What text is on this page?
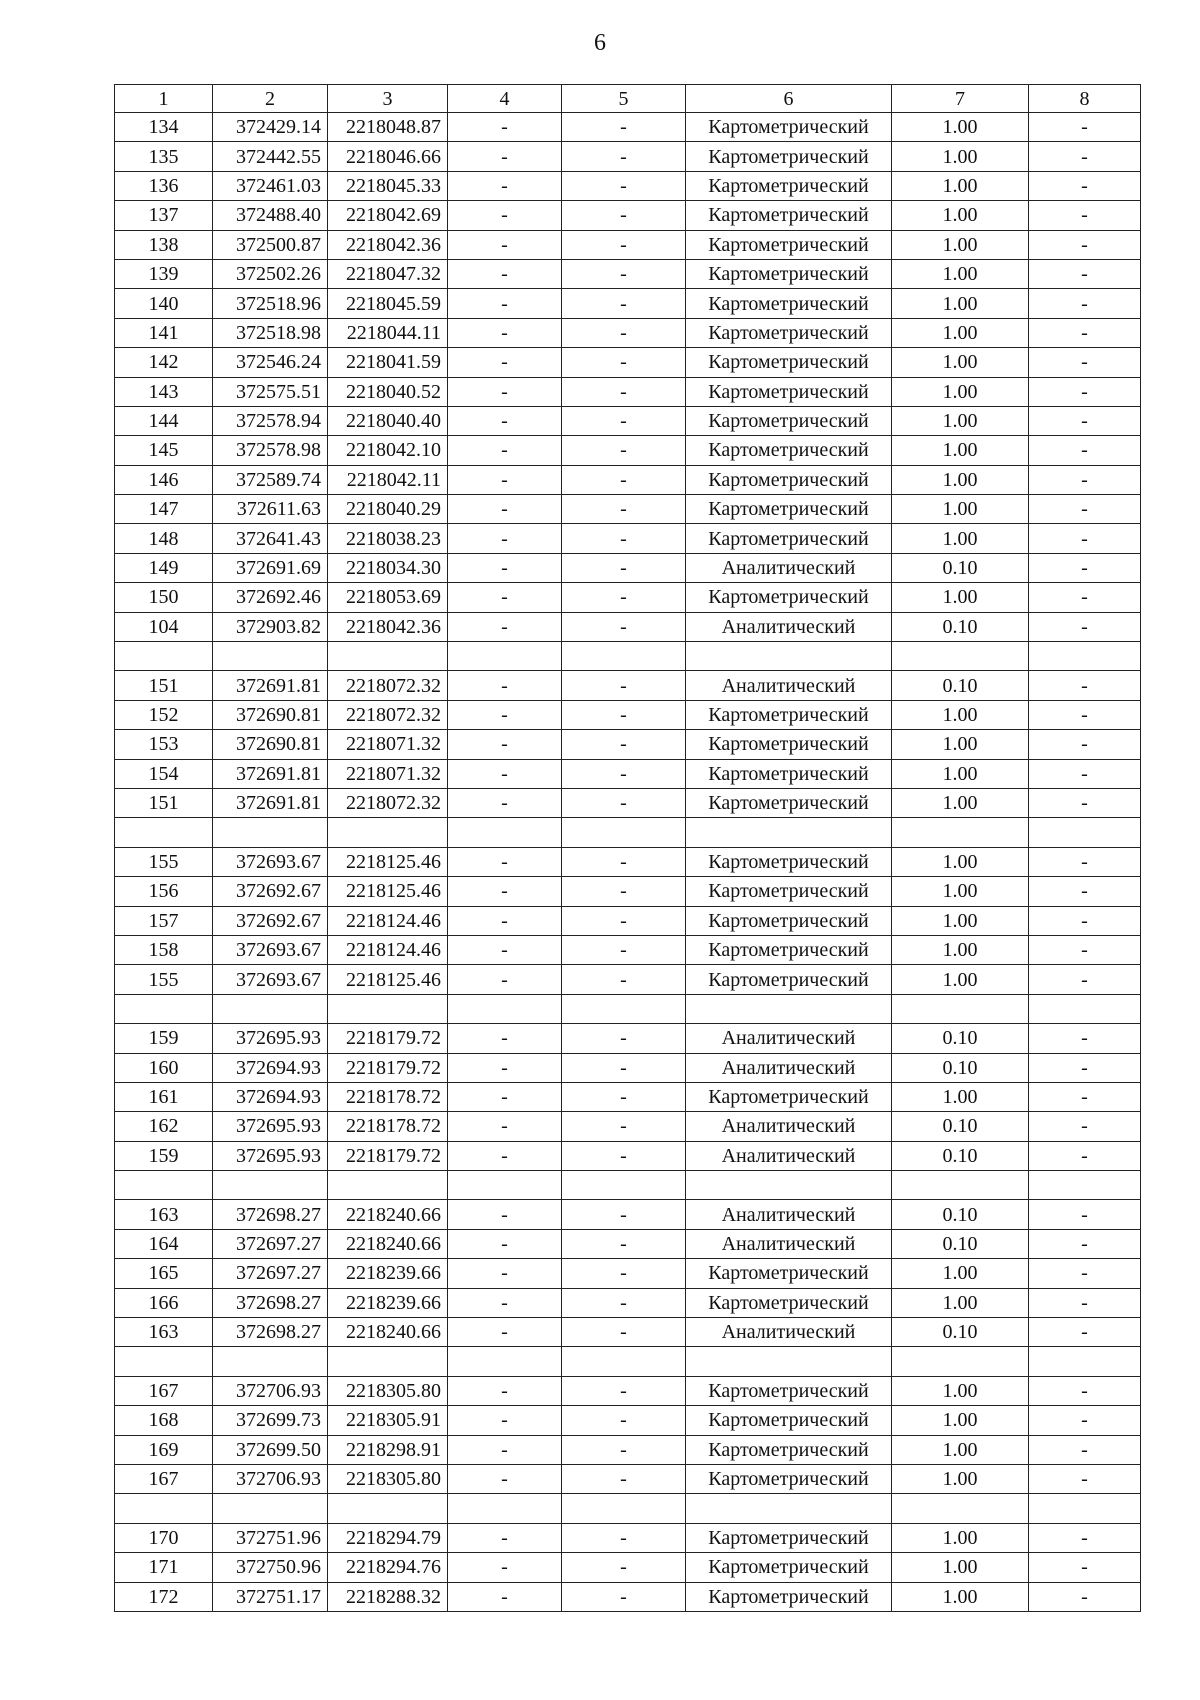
6
1	2	3	4	5	6	7	8
134	372429.14	2218048.87	-	-	Картометрический	1.00	-
135	372442.55	2218046.66	-	-	Картометрический	1.00	-
136	372461.03	2218045.33	-	-	Картометрический	1.00	-
137	372488.40	2218042.69	-	-	Картометрический	1.00	-
138	372500.87	2218042.36	-	-	Картометрический	1.00	-
139	372502.26	2218047.32	-	-	Картометрический	1.00	-
140	372518.96	2218045.59	-	-	Картометрический	1.00	-
141	372518.98	2218044.11	-	-	Картометрический	1.00	-
142	372546.24	2218041.59	-	-	Картометрический	1.00	-
143	372575.51	2218040.52	-	-	Картометрический	1.00	-
144	372578.94	2218040.40	-	-	Картометрический	1.00	-
145	372578.98	2218042.10	-	-	Картометрический	1.00	-
146	372589.74	2218042.11	-	-	Картометрический	1.00	-
147	372611.63	2218040.29	-	-	Картометрический	1.00	-
148	372641.43	2218038.23	-	-	Картометрический	1.00	-
149	372691.69	2218034.30	-	-	Аналитический	0.10	-
150	372692.46	2218053.69	-	-	Картометрический	1.00	-
104	372903.82	2218042.36	-	-	Аналитический	0.10	-

151	372691.81	2218072.32	-	-	Аналитический	0.10	-
152	372690.81	2218072.32	-	-	Картометрический	1.00	-
153	372690.81	2218071.32	-	-	Картометрический	1.00	-
154	372691.81	2218071.32	-	-	Картометрический	1.00	-
151	372691.81	2218072.32	-	-	Картометрический	1.00	-

155	372693.67	2218125.46	-	-	Картометрический	1.00	-
156	372692.67	2218125.46	-	-	Картометрический	1.00	-
157	372692.67	2218124.46	-	-	Картометрический	1.00	-
158	372693.67	2218124.46	-	-	Картометрический	1.00	-
155	372693.67	2218125.46	-	-	Картометрический	1.00	-

159	372695.93	2218179.72	-	-	Аналитический	0.10	-
160	372694.93	2218179.72	-	-	Аналитический	0.10	-
161	372694.93	2218178.72	-	-	Картометрический	1.00	-
162	372695.93	2218178.72	-	-	Аналитический	0.10	-
159	372695.93	2218179.72	-	-	Аналитический	0.10	-

163	372698.27	2218240.66	-	-	Аналитический	0.10	-
164	372697.27	2218240.66	-	-	Аналитический	0.10	-
165	372697.27	2218239.66	-	-	Картометрический	1.00	-
166	372698.27	2218239.66	-	-	Картометрический	1.00	-
163	372698.27	2218240.66	-	-	Аналитический	0.10	-

167	372706.93	2218305.80	-	-	Картометрический	1.00	-
168	372699.73	2218305.91	-	-	Картометрический	1.00	-
169	372699.50	2218298.91	-	-	Картометрический	1.00	-
167	372706.93	2218305.80	-	-	Картометрический	1.00	-

170	372751.96	2218294.79	-	-	Картометрический	1.00	-
171	372750.96	2218294.76	-	-	Картометрический	1.00	-
172	372751.17	2218288.32	-	-	Картометрический	1.00	-
